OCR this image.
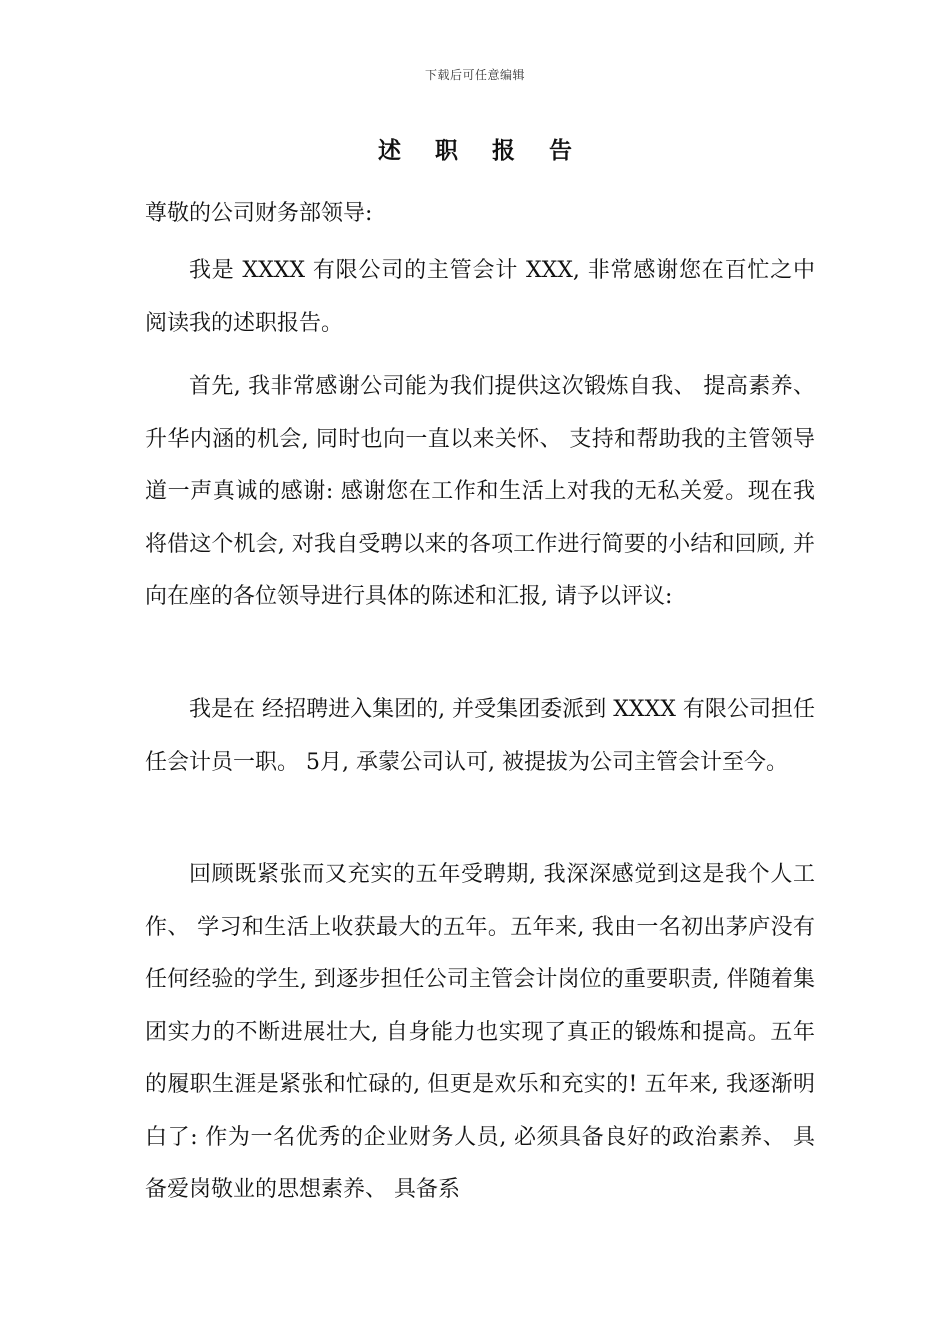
下载后可任意编辑
述 职 报 告
尊敬的公司财务部领导:

我是 XXXX 有限公司的主管会计 XXX, 非常感谢您在百忙之中阅读我的述职报告。

首先, 我非常感谢公司能为我们提供这次锻炼自我、 提高素养、 升华内涵的机会, 同时也向一直以来关怀、 支持和帮助我的主管领导道一声真诚的感谢: 感谢您在工作和生活上对我的无私关爱。现在我将借这个机会, 对我自受聘以来的各项工作进行简要的小结和回顾, 并向在座的各位领导进行具体的陈述和汇报, 请予以评议:

我是在 经招聘进入集团的, 并受集团委派到 XXXX 有限公司担任任会计员一职。 5月, 承蒙公司认可, 被提拔为公司主管会计至今。

回顾既紧张而又充实的五年受聘期, 我深深感觉到这是我个人工作、 学习和生活上收获最大的五年。五年来, 我由一名初出茅庐没有任何经验的学生, 到逐步担任公司主管会计岗位的重要职责, 伴随着集团实力的不断进展壮大, 自身能力也实现了真正的锻炼和提高。五年的履职生涯是紧张和忙碌的, 但更是欢乐和充实的! 五年来, 我逐渐明白了: 作为一名优秀的企业财务人员, 必须具备良好的政治素养、 具备爱岗敬业的思想素养、 具备系
